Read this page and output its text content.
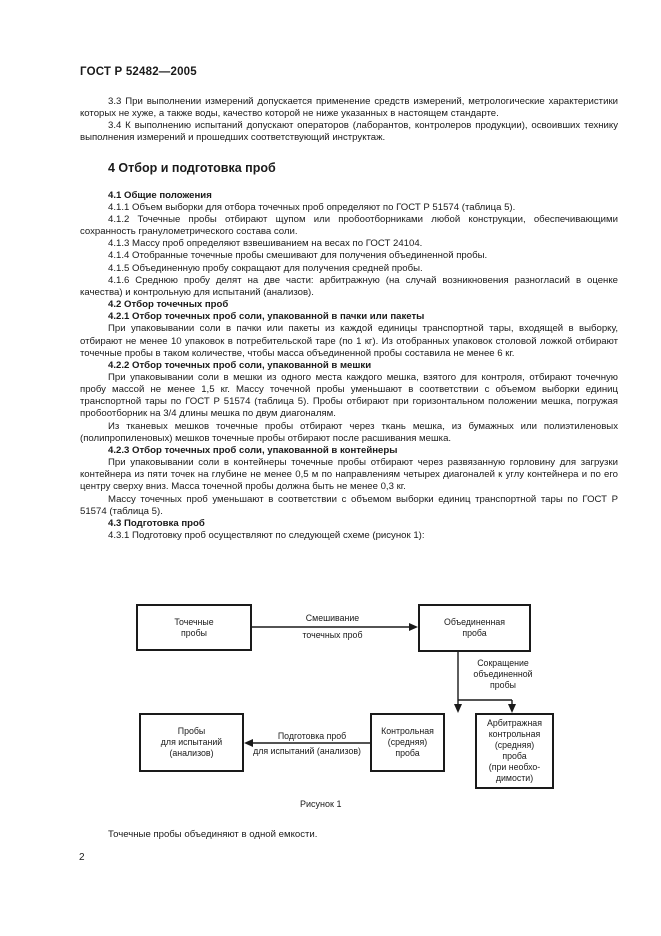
ГОСТ Р 52482—2005

3.3 При выполнении измерений допускается применение средств измерений, метрологические характеристики которых не хуже, а также воды, качество которой не ниже указанных в настоящем стандарте.

3.4 К выполнению испытаний допускают операторов (лаборантов, контролеров продукции), освоивших технику выполнения измерений и прошедших соответствующий инструктаж.

4 Отбор и подготовка проб

4.1 Общие положения

4.1.1 Объем выборки для отбора точечных проб определяют по ГОСТ Р 51574 (таблица 5).

4.1.2 Точечные пробы отбирают щупом или пробоотборниками любой конструкции, обеспечивающими сохранность гранулометрического состава соли.

4.1.3 Массу проб определяют взвешиванием на весах по ГОСТ 24104.

4.1.4 Отобранные точечные пробы смешивают для получения объединенной пробы.

4.1.5 Объединенную пробу сокращают для получения средней пробы.

4.1.6 Среднюю пробу делят на две части: арбитражную (на случай возникновения разногласий в оценке качества) и контрольную для испытаний (анализов).

4.2 Отбор точечных проб

4.2.1 Отбор точечных проб соли, упакованной в пачки или пакеты

При упаковывании соли в пачки или пакеты из каждой единицы транспортной тары, входящей в выборку, отбирают не менее 10 упаковок в потребительской таре (по 1 кг). Из отобранных упаковок столовой ложкой отбирают точечные пробы в таком количестве, чтобы масса объединенной пробы составила не менее 6 кг.

4.2.2 Отбор точечных проб соли, упакованной в мешки

При упаковывании соли в мешки из одного места каждого мешка, взятого для контроля, отбирают точечную пробу массой не менее 1,5 кг. Массу точечной пробы уменьшают в соответствии с объемом выборки единиц транспортной тары по ГОСТ Р 51574 (таблица 5). Пробы отбирают при горизонтальном положении мешка, погружая пробоотборник на 3/4 длины мешка по двум диагоналям.

Из тканевых мешков точечные пробы отбирают через ткань мешка, из бумажных или полиэтиленовых (полипропиленовых) мешков точечные пробы отбирают после расшивания мешка.

4.2.3 Отбор точечных проб соли, упакованной в контейнеры

При упаковывании соли в контейнеры точечные пробы отбирают через развязанную горловину для загрузки контейнера из пяти точек на глубине не менее 0,5 м по направлениям четырех диагоналей к углу контейнера и по его центру сверху вниз. Масса точечной пробы должна быть не менее 0,3 кг.

Массу точечных проб уменьшают в соответствии с объемом выборки единиц транспортной тары по ГОСТ Р 51574 (таблица 5).

4.3 Подготовка проб

4.3.1 Подготовку проб осуществляют по следующей схеме (рисунок 1):

Точечные
пробы
Объединенная
проба
Пробы
для испытаний
(анализов)
Контрольная
(средняя)
проба
Арбитражная
контрольная
(средняя)
проба
(при необхо-
димости)
Смешивание
точечных проб
Сокращение
объединенной
пробы
Подготовка проб
для испытаний (анализов)
Рисунок 1
Точечные пробы объединяют в одной емкости.
2
